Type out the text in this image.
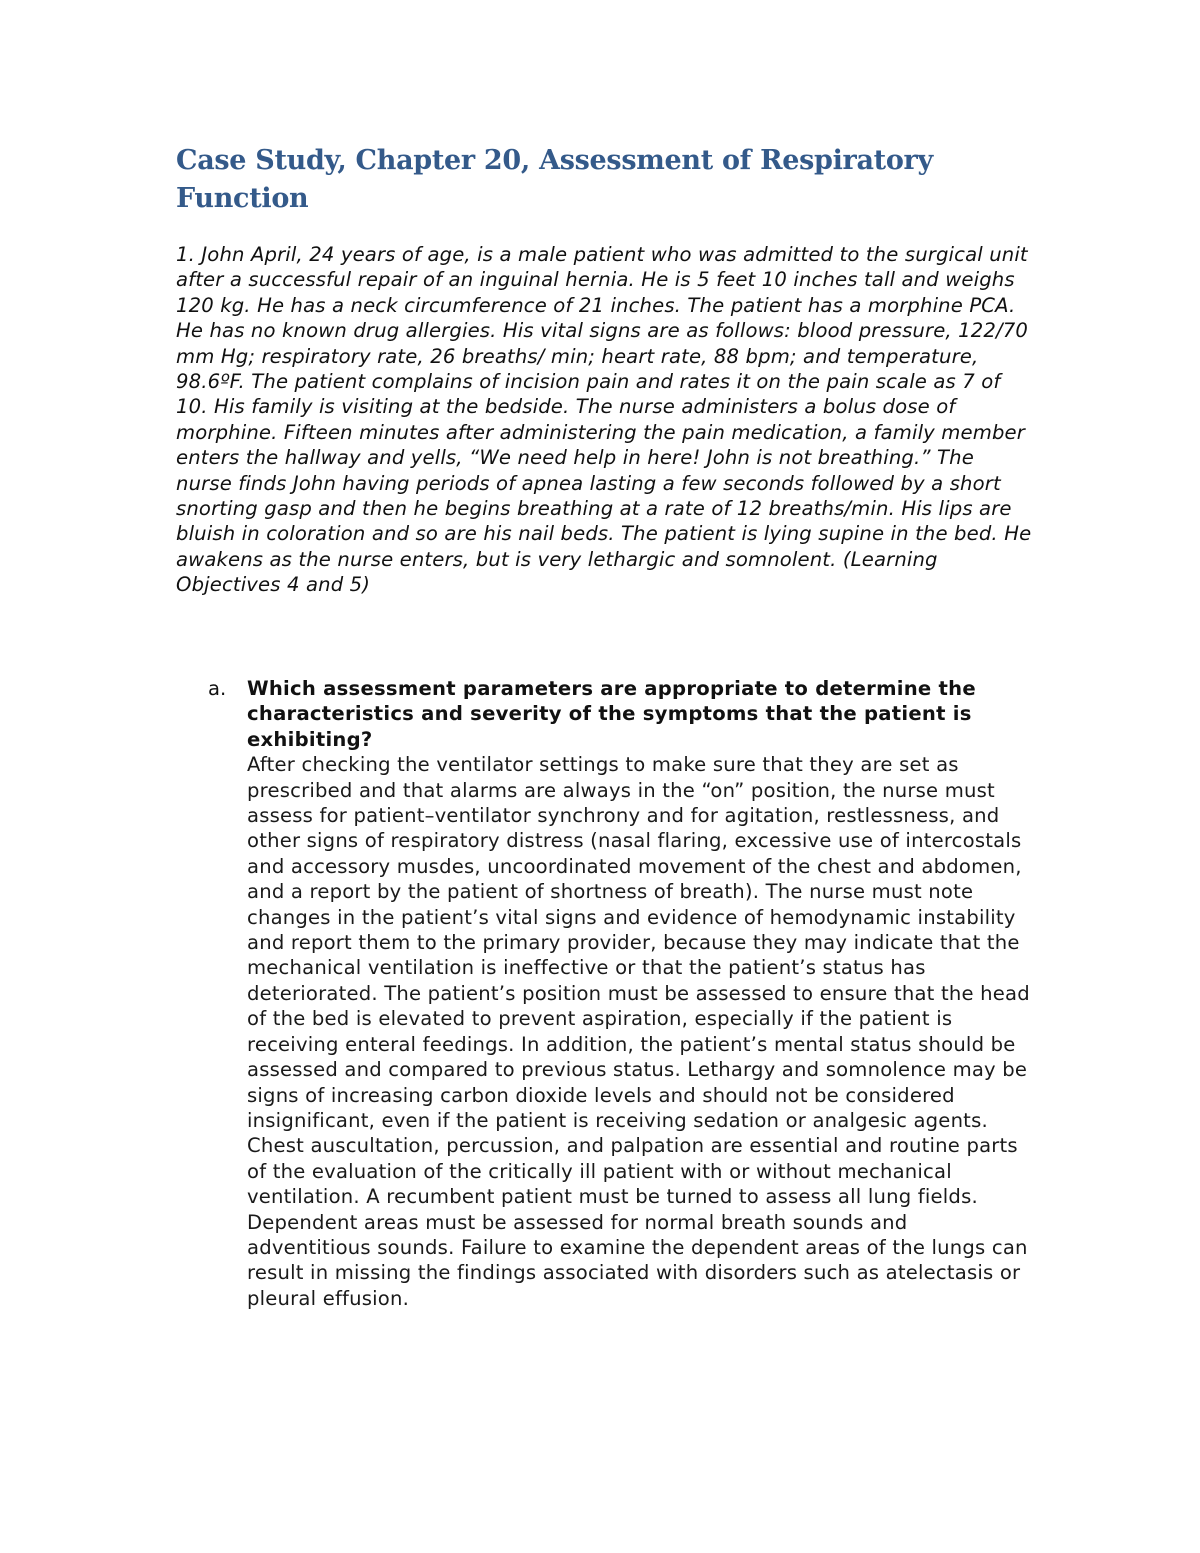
Case Study, Chapter 20, Assessment of Respiratory Function

1. John April, 24 years of age, is a male patient who was admitted to the surgical unit after a successful repair of an inguinal hernia. He is 5 feet 10 inches tall and weighs 120 kg. He has a neck circumference of 21 inches. The patient has a morphine PCA. He has no known drug allergies. His vital signs are as follows: blood pressure, 122/70 mm Hg; respiratory rate, 26 breaths/ min; heart rate, 88 bpm; and temperature, 98.6ºF. The patient complains of incision pain and rates it on the pain scale as 7 of 10. His family is visiting at the bedside. The nurse administers a bolus dose of morphine. Fifteen minutes after administering the pain medication, a family member enters the hallway and yells, “We need help in here! John is not breathing.” The nurse finds John having periods of apnea lasting a few seconds followed by a short snorting gasp and then he begins breathing at a rate of 12 breaths/min. His lips are bluish in coloration and so are his nail beds. The patient is lying supine in the bed. He awakens as the nurse enters, but is very lethargic and somnolent. (Learning Objectives 4 and 5)

a. Which assessment parameters are appropriate to determine the characteristics and severity of the symptoms that the patient is exhibiting?

After checking the ventilator settings to make sure that they are set as prescribed and that alarms are always in the “on” position, the nurse must assess for patient–ventilator synchrony and for agitation, restlessness, and other signs of respiratory distress (nasal flaring, excessive use of intercostals and accessory musdes, uncoordinated movement of the chest and abdomen, and a report by the patient of shortness of breath). The nurse must note changes in the patient’s vital signs and evidence of hemodynamic instability and report them to the primary provider, because they may indicate that the mechanical ventilation is ineffective or that the patient’s status has deteriorated. The patient’s position must be assessed to ensure that the head of the bed is elevated to prevent aspiration, especially if the patient is receiving enteral feedings. In addition, the patient’s mental status should be assessed and compared to previous status. Lethargy and somnolence may be signs of increasing carbon dioxide levels and should not be considered insignificant, even if the patient is receiving sedation or analgesic agents. Chest auscultation, percussion, and palpation are essential and routine parts of the evaluation of the critically ill patient with or without mechanical ventilation. A recumbent patient must be turned to assess all lung fields. Dependent areas must be assessed for normal breath sounds and adventitious sounds. Failure to examine the dependent areas of the lungs can result in missing the findings associated with disorders such as atelectasis or pleural effusion.
